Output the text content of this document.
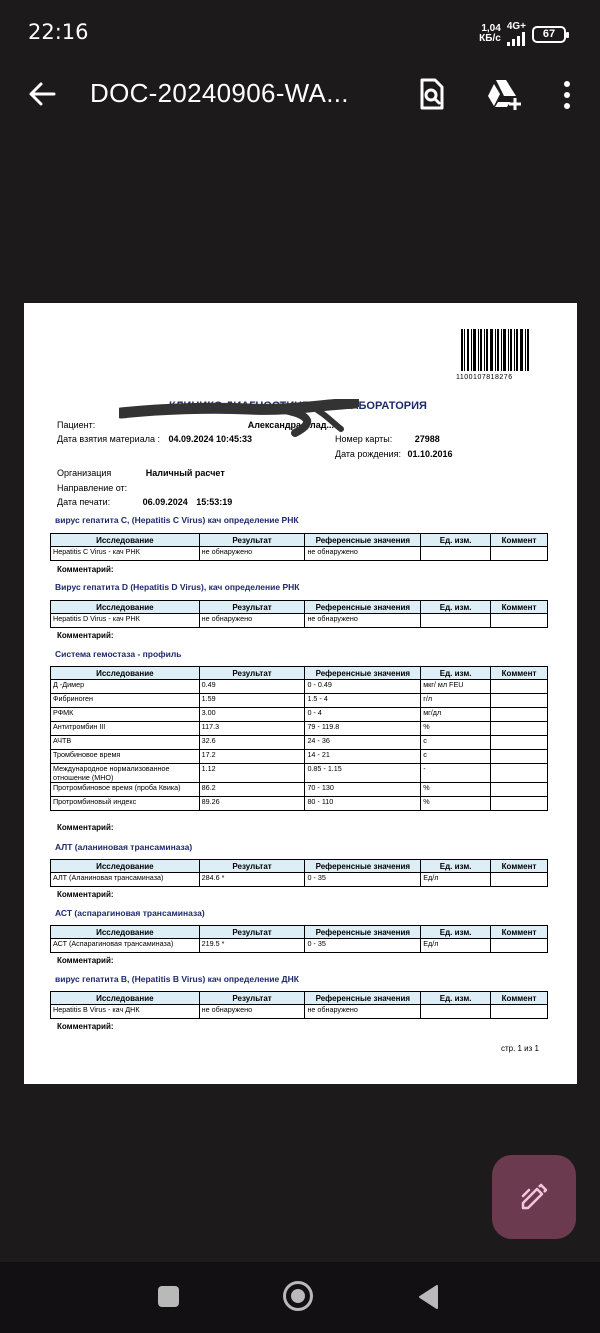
22:16	1,04
КБ/с
4G+
67
DOC-20240906-WA...
1100107818276
КЛИНИКО ДИАГНОСТИЧЕСКАЯ ЛАБОРАТОРИЯ
Пациент:	Александра Влад...
Дата взятия материала : 04.09.2024 10:45:33	Номер карты:	27988
Дата рождения: 01.10.2016
Организация	Наличный расчет
Направление от:
Дата печати:	06.09.2024 15:53:19
вирус гепатита C, (Hepatitis C Virus) кач определение РНК
Исследование	Результат	Референсные значения	Ед. изм.	Коммент
Hepatitis C Virus - кач РНК	не обнаружено	не обнаружено		
Комментарий:
Вирус гепатита D (Hepatitis D Virus), кач определение РНК
Исследование	Результат	Референсные значения	Ед. изм.	Коммент
Hepatitis D Virus - кач РНК	не обнаружено	не обнаружено		
Комментарий:
Система гемостаза - профиль
Исследование	Результат	Референсные значения	Ед. изм.	Коммент
Д -Димер	0.49	0 - 0.49	мкг/ мл FEU	
Фибриноген	1.59	1.5 - 4	г/л	
РФМК	3.00	0 - 4	мг/дл	
Антитромбин III	117.3	79 - 119.8	%	
АЧТВ	32.6	24 - 36	с	
Тромбиновое время	17.2	14 - 21	с	
Международное нормализованное отношение (МНО)	1.12	0.85 - 1.15	-	
Протромбиновое время (проба Квика)	86.2	70 - 130	%	
Протромбиновый индекс	89.26	80 - 110	%	
Комментарий:
АЛТ (аланиновая трансаминаза)
Исследование	Результат	Референсные значения	Ед. изм.	Коммент
АЛТ (Аланиновая трансаминаза)	284.6 *	0 - 35	Ед/л	
Комментарий:
АСТ (аспарагиновая трансаминаза)
Исследование	Результат	Референсные значения	Ед. изм.	Коммент
АСТ (Аспарагиновая трансаминаза)	219.5 *	0 - 35	Ед/л	
Комментарий:
вирус гепатита B, (Hepatitis B Virus) кач определение ДНК
Исследование	Результат	Референсные значения	Ед. изм.	Коммент
Hepatitis B Virus - кач ДНК	не обнаружено	не обнаружено		
Комментарий:
стр. 1 из 1
